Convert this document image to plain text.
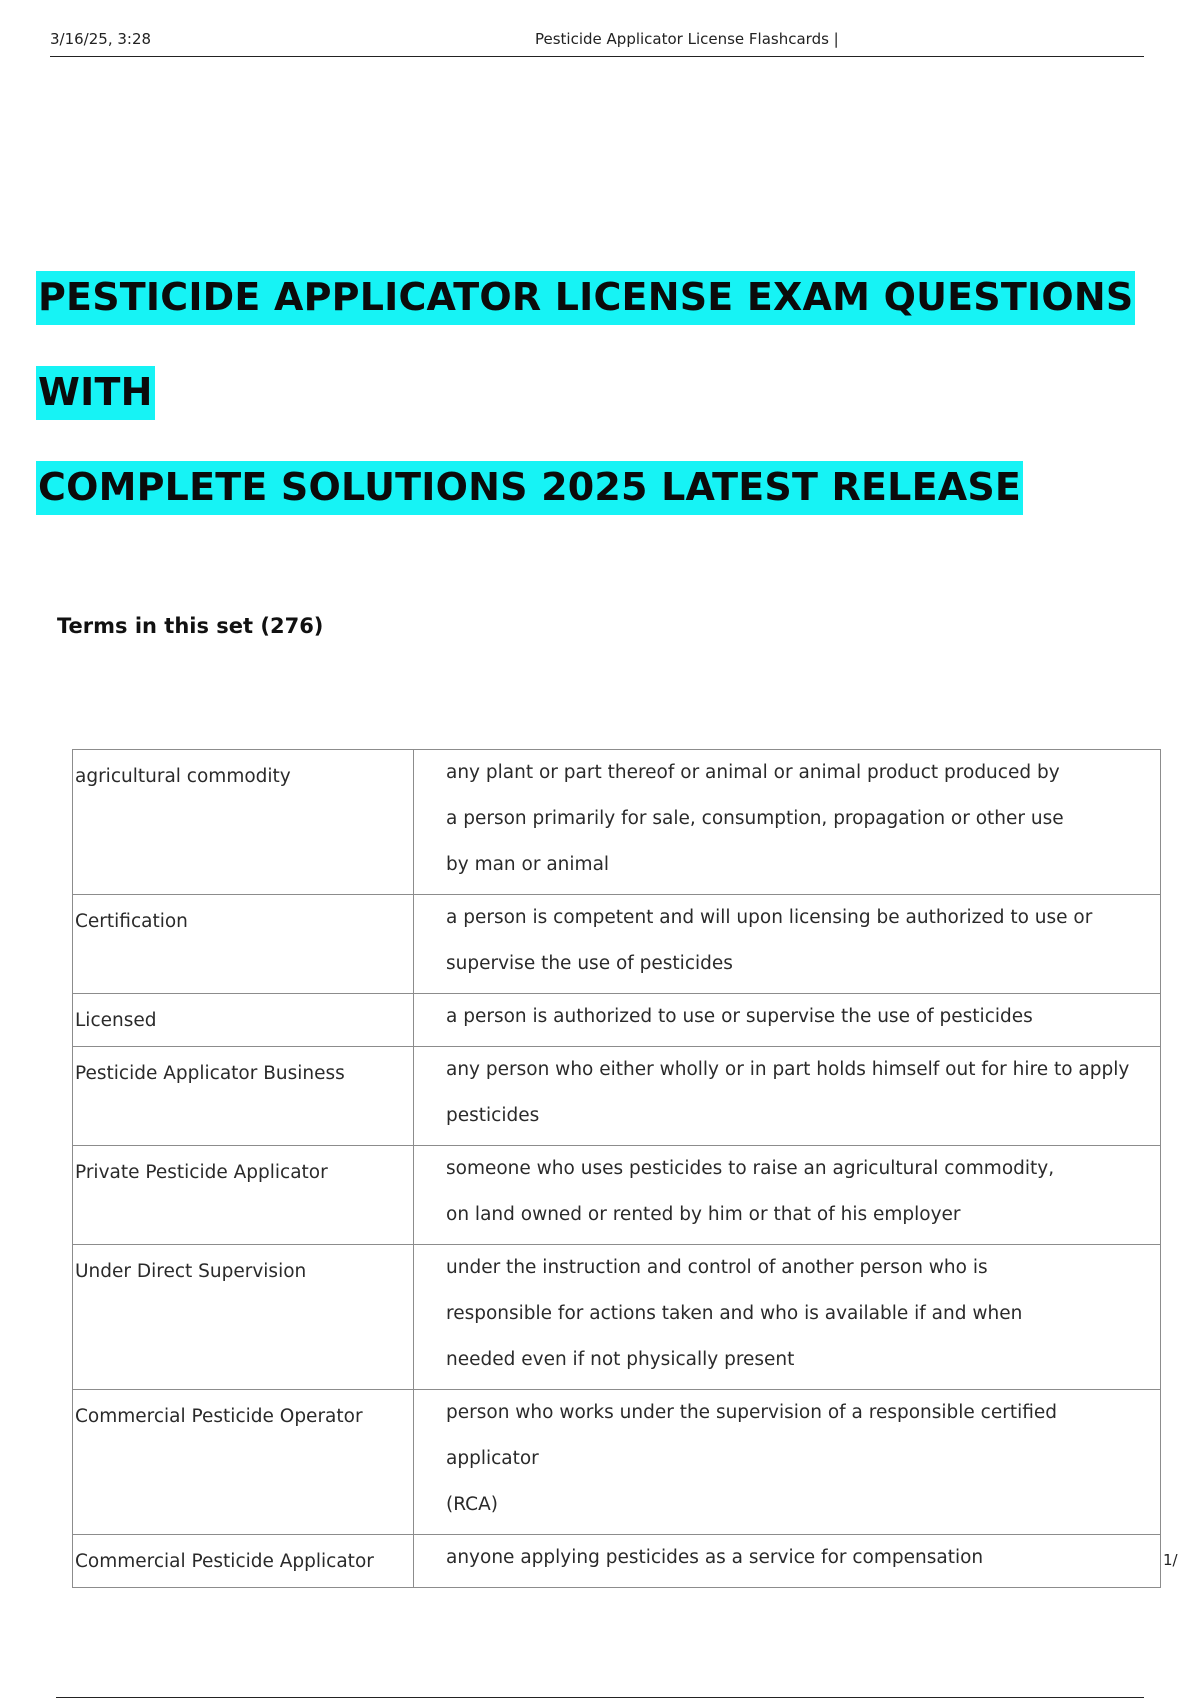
3/16/25, 3:28	Pesticide Applicator License Flashcards |
PESTICIDE APPLICATOR LICENSE EXAM QUESTIONS WITH
COMPLETE SOLUTIONS 2025 LATEST RELEASE
Terms in this set (276)
agricultural commodity	any plant or part thereof or animal or animal product produced by
a person primarily for sale, consumption, propagation or other use
by man or animal

Certification	a person is competent and will upon licensing be authorized to use or
supervise the use of pesticides

Licensed	a person is authorized to use or supervise the use of pesticides

Pesticide Applicator Business	any person who either wholly or in part holds himself out for hire to apply
pesticides

Private Pesticide Applicator	someone who uses pesticides to raise an agricultural commodity,
on land owned or rented by him or that of his employer

Under Direct Supervision	under the instruction and control of another person who is
responsible for actions taken and who is available if and when
needed even if not physically present

Commercial Pesticide Operator	person who works under the supervision of a responsible certified applicator
(RCA)

Commercial Pesticide Applicator	anyone applying pesticides as a service for compensation	1/
